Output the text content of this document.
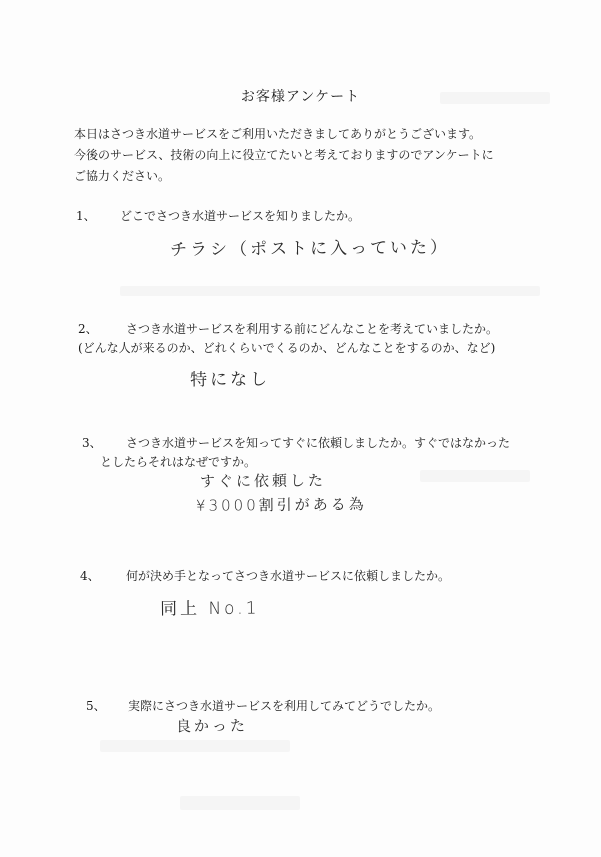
お客様アンケート
本日はさつき水道サービスをご利用いただきましてありがとうございます。
今後のサービス、技術の向上に役立てたいと考えておりますのでアンケートに
ご協力ください。
1、 どこでさつき水道サービスを知りましたか。
チラシ（ポストに入っていた）
2、 さつき水道サービスを利用する前にどんなことを考えていましたか。
(どんな人が来るのか、どれくらいでくるのか、どんなことをするのか、など)
特になし
3、 さつき水道サービスを知ってすぐに依頼しましたか。すぐではなかった
としたらそれはなぜですか。
すぐに依頼した
¥3000割引がある為
4、 何が決め手となってさつき水道サービスに依頼しましたか。
同上 No.1
5、 実際にさつき水道サービスを利用してみてどうでしたか。
良かった
